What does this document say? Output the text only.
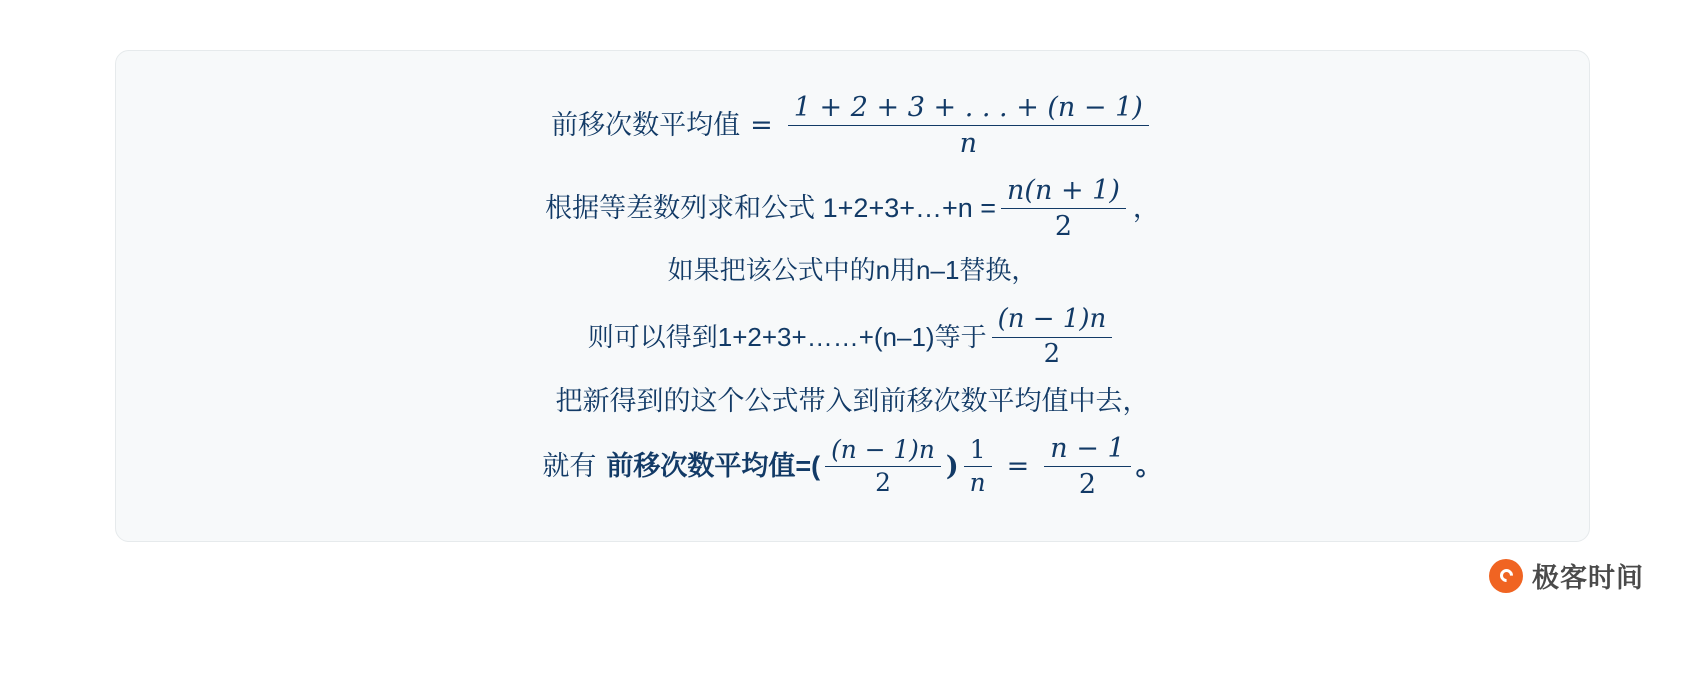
前移次数平均值 = $\frac{1 + 2 + 3 + . . . + (n - 1)}{n}$
根据等差数列求和公式 1+2+3+…+n = $\frac{n(n + 1)}{2}$ ，
如果把该公式中的n用n–1替换，
则可以得到1+2+3+……+(n–1)等于 $\frac{(n - 1)n}{2}$
把新得到的这个公式带入到前移次数平均值中去，
就有 前移次数平均值 =( $\frac{(n - 1)n}{2}$ ) $\frac{1}{n} = \frac{n - 1}{2}$ 。
极客时间
